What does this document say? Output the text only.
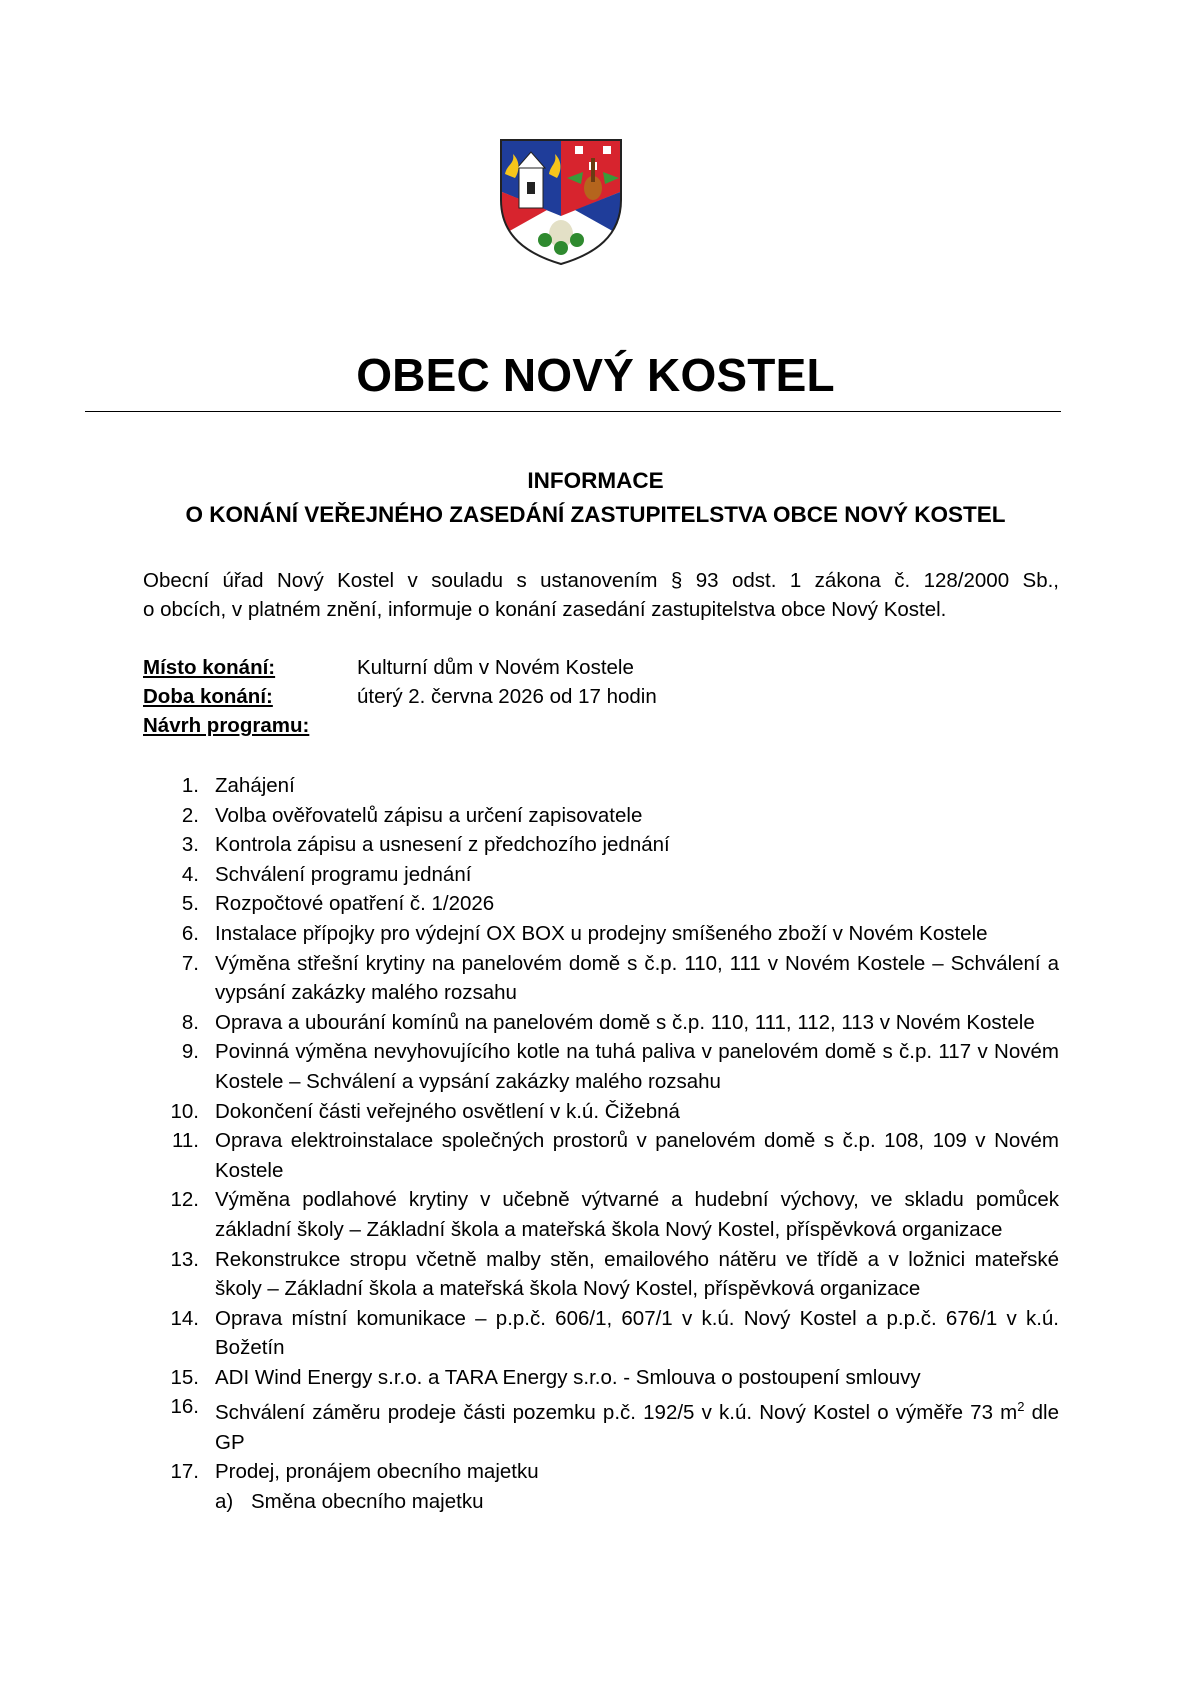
OBEC NOVÝ KOSTEL
INFORMACE
O KONÁNÍ VEŘEJNÉHO ZASEDÁNÍ ZASTUPITELSTVA OBCE NOVÝ KOSTEL
Obecní úřad Nový Kostel v souladu s ustanovením § 93 odst. 1 zákona č. 128/2000 Sb.,
o obcích, v platném znění, informuje o konání zasedání zastupitelstva obce Nový Kostel.
Místo konání:	Kulturní dům v Novém Kostele
Doba konání:	úterý 2. června 2026 od 17 hodin
Návrh programu:
1. Zahájení
2. Volba ověřovatelů zápisu a určení zapisovatele
3. Kontrola zápisu a usnesení z předchozího jednání
4. Schválení programu jednání
5. Rozpočtové opatření č. 1/2026
6. Instalace přípojky pro výdejní OX BOX u prodejny smíšeného zboží v Novém Kostele
7. Výměna střešní krytiny na panelovém domě s č.p. 110, 111 v Novém Kostele – Schválení a vypsání zakázky malého rozsahu
8. Oprava a ubourání komínů na panelovém domě s č.p. 110, 111, 112, 113 v Novém Kostele
9. Povinná výměna nevyhovujícího kotle na tuhá paliva v panelovém domě s č.p. 117 v Novém Kostele – Schválení a vypsání zakázky malého rozsahu
10. Dokončení části veřejného osvětlení v k.ú. Čižebná
11. Oprava elektroinstalace společných prostorů v panelovém domě s č.p. 108, 109 v Novém Kostele
12. Výměna podlahové krytiny v učebně výtvarné a hudební výchovy, ve skladu pomůcek základní školy – Základní škola a mateřská škola Nový Kostel, příspěvková organizace
13. Rekonstrukce stropu včetně malby stěn, emailového nátěru ve třídě a v ložnici mateřské školy – Základní škola a mateřská škola Nový Kostel, příspěvková organizace
14. Oprava místní komunikace – p.p.č. 606/1, 607/1 v k.ú. Nový Kostel a p.p.č. 676/1 v k.ú. Božetín
15. ADI Wind Energy s.r.o. a TARA Energy s.r.o. - Smlouva o postoupení smlouvy
16. Schválení záměru prodeje části pozemku p.č. 192/5 v k.ú. Nový Kostel o výměře 73 $m^2$ dle GP
17. Prodej, pronájem obecního majetku
a) Směna obecního majetku
